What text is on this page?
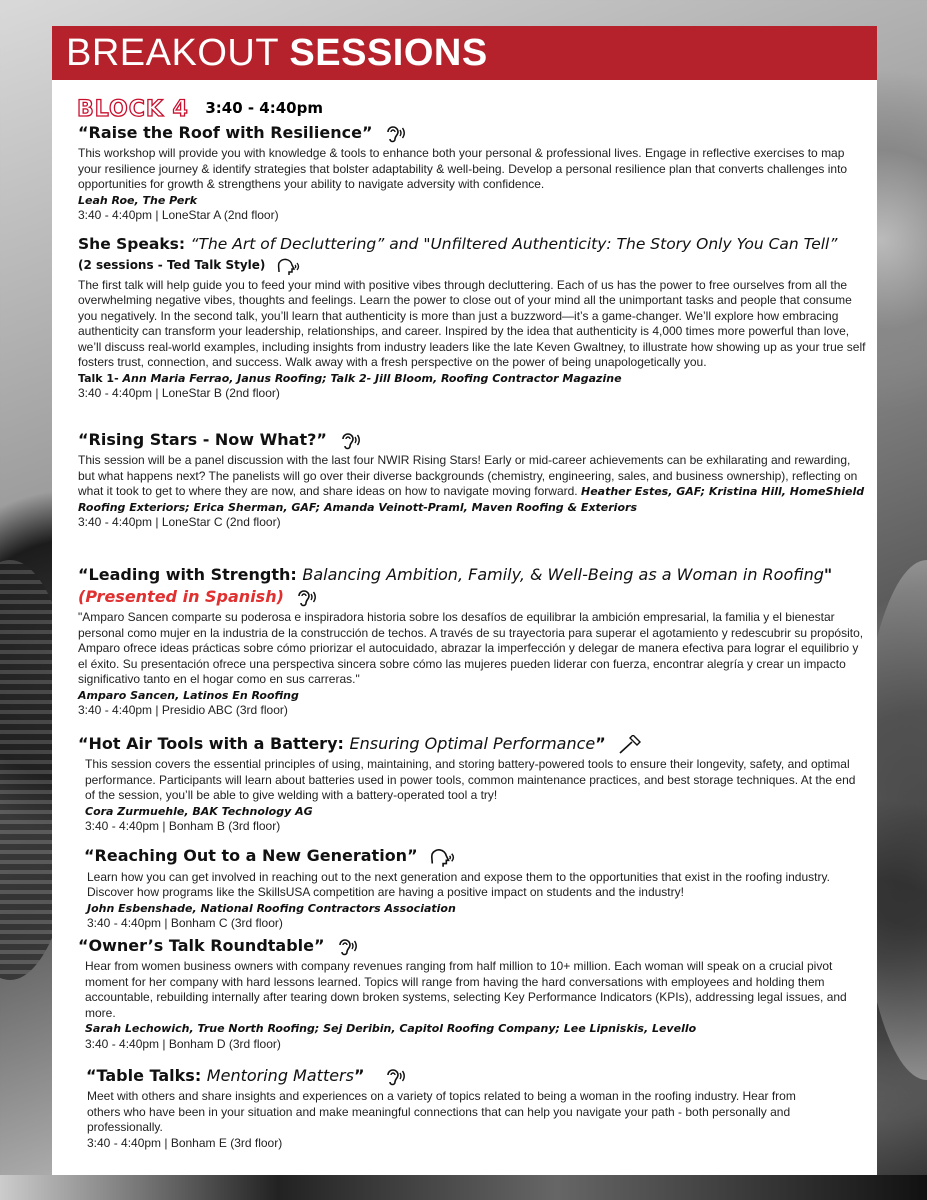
BREAKOUT SESSIONS
BLOCK 4 3:40 - 4:40pm
“Raise the Roof with Resilience”
This workshop will provide you with knowledge & tools to enhance both your personal & professional lives. Engage in reflective exercises to map your resilience journey & identify strategies that bolster adaptability & well-being. Develop a personal resilience plan that converts challenges into opportunities for growth & strengthens your ability to navigate adversity with confidence.
Leah Roe, The Perk
3:40 - 4:40pm | LoneStar A (2nd floor)
She Speaks: “The Art of Decluttering” and "Unfiltered Authenticity: The Story Only You Can Tell”
(2 sessions - Ted Talk Style)
The first talk will help guide you to feed your mind with positive vibes through decluttering. Each of us has the power to free ourselves from all the overwhelming negative vibes, thoughts and feelings. Learn the power to close out of your mind all the unimportant tasks and people that consume you negatively. In the second talk, you’ll learn that authenticity is more than just a buzzword—it’s a game-changer. We’ll explore how embracing authenticity can transform your leadership, relationships, and career. Inspired by the idea that authenticity is 4,000 times more powerful than love, we’ll discuss real-world examples, including insights from industry leaders like the late Keven Gwaltney, to illustrate how showing up as your true self fosters trust, connection, and success. Walk away with a fresh perspective on the power of being unapologetically you.
Talk 1- Ann Maria Ferrao, Janus Roofing; Talk 2- Jill Bloom, Roofing Contractor Magazine
3:40 - 4:40pm | LoneStar B (2nd floor)
“Rising Stars - Now What?”
This session will be a panel discussion with the last four NWIR Rising Stars! Early or mid-career achievements can be exhilarating and rewarding, but what happens next? The panelists will go over their diverse backgrounds (chemistry, engineering, sales, and business ownership), reflecting on what it took to get to where they are now, and share ideas on how to navigate moving forward. Heather Estes, GAF; Kristina Hill, HomeShield Roofing Exteriors; Erica Sherman, GAF; Amanda Veinott-Praml, Maven Roofing & Exteriors
3:40 - 4:40pm | LoneStar C (2nd floor)
“Leading with Strength: Balancing Ambition, Family, & Well-Being as a Woman in Roofing"
(Presented in Spanish)
"Amparo Sancen comparte su poderosa e inspiradora historia sobre los desafíos de equilibrar la ambición empresarial, la familia y el bienestar personal como mujer en la industria de la construcción de techos. A través de su trayectoria para superar el agotamiento y redescubrir su propósito, Amparo ofrece ideas prácticas sobre cómo priorizar el autocuidado, abrazar la imperfección y delegar de manera efectiva para lograr el equilibrio y el éxito. Su presentación ofrece una perspectiva sincera sobre cómo las mujeres pueden liderar con fuerza, encontrar alegría y crear un impacto significativo tanto en el hogar como en sus carreras."
Amparo Sancen, Latinos En Roofing
3:40 - 4:40pm | Presidio ABC (3rd floor)
“Hot Air Tools with a Battery: Ensuring Optimal Performance”
This session covers the essential principles of using, maintaining, and storing battery-powered tools to ensure their longevity, safety, and optimal performance. Participants will learn about batteries used in power tools, common maintenance practices, and best storage techniques. At the end of the session, you’ll be able to give welding with a battery-operated tool a try!
Cora Zurmuehle, BAK Technology AG
3:40 - 4:40pm | Bonham B (3rd floor)
“Reaching Out to a New Generation”
Learn how you can get involved in reaching out to the next generation and expose them to the opportunities that exist in the roofing industry. Discover how programs like the SkillsUSA competition are having a positive impact on students and the industry!
John Esbenshade, National Roofing Contractors Association
3:40 - 4:40pm | Bonham C (3rd floor)
“Owner’s Talk Roundtable”
Hear from women business owners with company revenues ranging from half million to 10+ million. Each woman will speak on a crucial pivot moment for her company with hard lessons learned. Topics will range from having the hard conversations with employees and holding them accountable, rebuilding internally after tearing down broken systems, selecting Key Performance Indicators (KPIs), addressing legal issues, and more.
Sarah Lechowich, True North Roofing; Sej Deribin, Capitol Roofing Company; Lee Lipniskis, Levello
3:40 - 4:40pm | Bonham D (3rd floor)
“Table Talks: Mentoring Matters”
Meet with others and share insights and experiences on a variety of topics related to being a woman in the roofing industry. Hear from others who have been in your situation and make meaningful connections that can help you navigate your path - both personally and professionally.
3:40 - 4:40pm | Bonham E (3rd floor)
